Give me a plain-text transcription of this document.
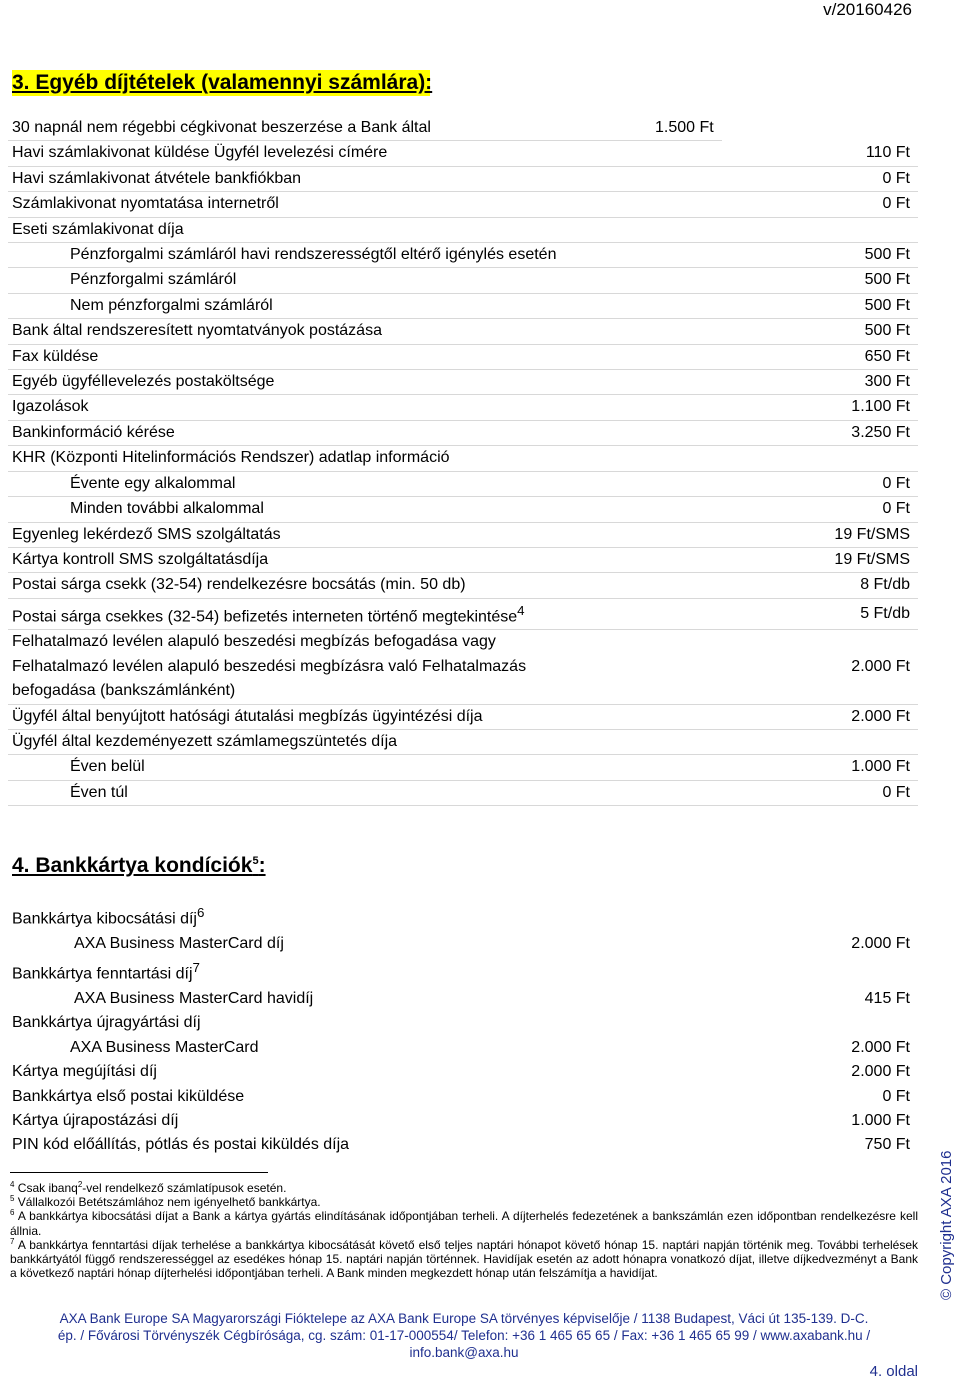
v/20160426
3. Egyéb díjtételek (valamennyi számlára):
30 napnál nem régebbi cégkivonat beszerzése a Bank által	1.500 Ft	
Havi számlakivonat küldése Ügyfél levelezési címére		110 Ft
Havi számlakivonat átvétele bankfiókban		0 Ft
Számlakivonat nyomtatása internetről		0 Ft
Eseti számlakivonat díja		
Pénzforgalmi számláról havi rendszerességtől eltérő igénylés esetén		500 Ft
Pénzforgalmi számláról		500 Ft
Nem pénzforgalmi számláról		500 Ft
Bank által rendszeresített nyomtatványok postázása		500 Ft
Fax küldése		650 Ft
Egyéb ügyféllevelezés postaköltsége		300 Ft
Igazolások		1.100 Ft
Bankinformáció kérése		3.250 Ft
KHR (Központi Hitelinformációs Rendszer) adatlap információ		
Évente egy alkalommal		0 Ft
Minden további alkalommal		0 Ft
Egyenleg lekérdező SMS szolgáltatás		19 Ft/SMS
Kártya kontroll SMS szolgáltatásdíja		19 Ft/SMS
Postai sárga csekk (32-54) rendelkezésre bocsátás (min. 50 db)		8 Ft/db
Postai sárga csekkes (32-54) befizetés interneten történő megtekintése$^4$		5 Ft/db
Felhatalmazó levélen alapuló beszedési megbízás befogadása vagy Felhatalmazó levélen alapuló beszedési megbízásra való Felhatalmazás befogadása (bankszámlánként)		2.000 Ft
Ügyfél által benyújtott hatósági átutalási megbízás ügyintézési díja		2.000 Ft
Ügyfél által kezdeményezett számlamegszüntetés díja		
Éven belül		1.000 Ft
Éven túl		0 Ft
4. Bankkártya kondíciók$^5$:
Bankkártya kibocsátási díj$^6$	
AXA Business MasterCard díj	2.000 Ft
Bankkártya fenntartási díj$^7$	
AXA Business MasterCard havidíj	415 Ft
Bankkártya újragyártási díj	
AXA Business MasterCard	2.000 Ft
Kártya megújítási díj	2.000 Ft
Bankkártya első postai kiküldése	0 Ft
Kártya újrapostázási díj	1.000 Ft
PIN kód előállítás, pótlás és postai kiküldés díja	750 Ft

$^4$ Csak ibanq$^2$-vel rendelkező számlatípusok esetén.

$^5$ Vállalkozói Betétszámlához nem igényelhető bankkártya.

$^6$ A bankkártya kibocsátási díjat a Bank a kártya gyártás elindításának időpontjában terheli. A díjterhelés fedezetének a bankszámlán ezen időpontban rendelkezésre kell állnia.

$^7$ A bankkártya fenntartási díjak terhelése a bankkártya kibocsátását követő első teljes naptári hónapot követő hónap 15. naptári napján történik meg. További terhelések bankkártyától függő rendszerességgel az esedékes hónap 15. naptári napján történnek. Havidíjak esetén az adott hónapra vonatkozó díjat, illetve díjkedvezményt a Bank a következő naptári hónap díjterhelési időpontjában terheli. A Bank minden megkezdett hónap után felszámítja a havidíjat.

AXA Bank Europe SA Magyarországi Fióktelepe az AXA Bank Europe SA törvényes képviselője / 1138 Budapest, Váci út 135-139. D-C.
ép. / Fővárosi Törvényszék Cégbírósága, cg. szám: 01-17-000554/ Telefon: +36 1 465 65 65 / Fax: +36 1 465 65 99 / www.axabank.hu /
info.bank@axa.hu
4. oldal
© Copyright AXA 2016
